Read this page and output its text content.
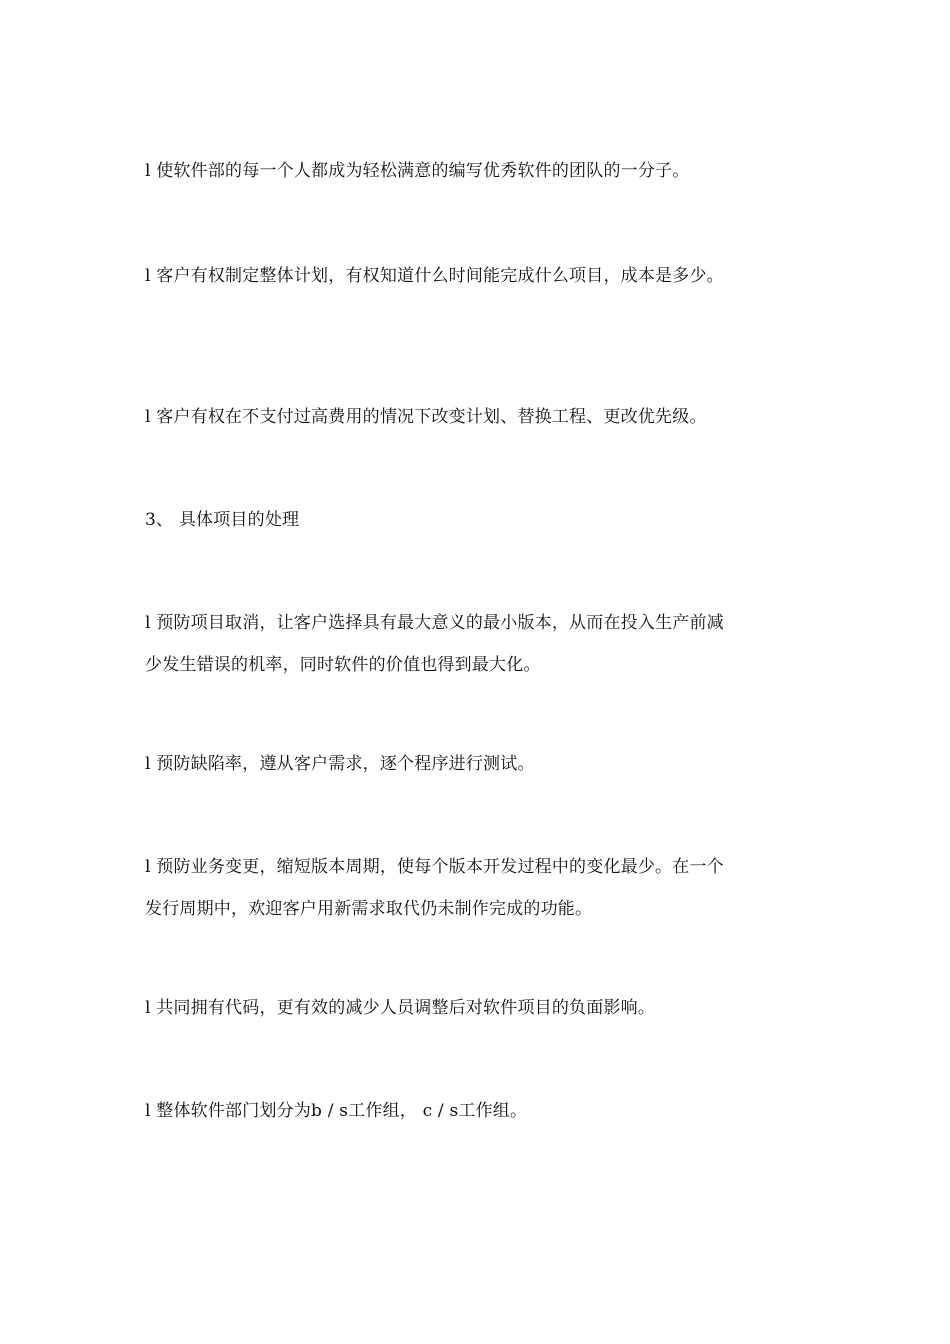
l 使软件部的每一个人都成为轻松满意的编写优秀软件的团队的一分子。
l 客户有权制定整体计划，有权知道什么时间能完成什么项目，成本是多少。
l 客户有权在不支付过高费用的情况下改变计划、替换工程、更改优先级。
3、 具体项目的处理
l 预防项目取消，让客户选择具有最大意义的最小版本，从而在投入生产前减
少发生错误的机率，同时软件的价值也得到最大化。
l 预防缺陷率，遵从客户需求，逐个程序进行测试。
l 预防业务变更，缩短版本周期，使每个版本开发过程中的变化最少。在一个
发行周期中，欢迎客户用新需求取代仍未制作完成的功能。
l 共同拥有代码，更有效的减少人员调整后对软件项目的负面影响。
l 整体软件部门划分为b / s工作组， c / s工作组。
